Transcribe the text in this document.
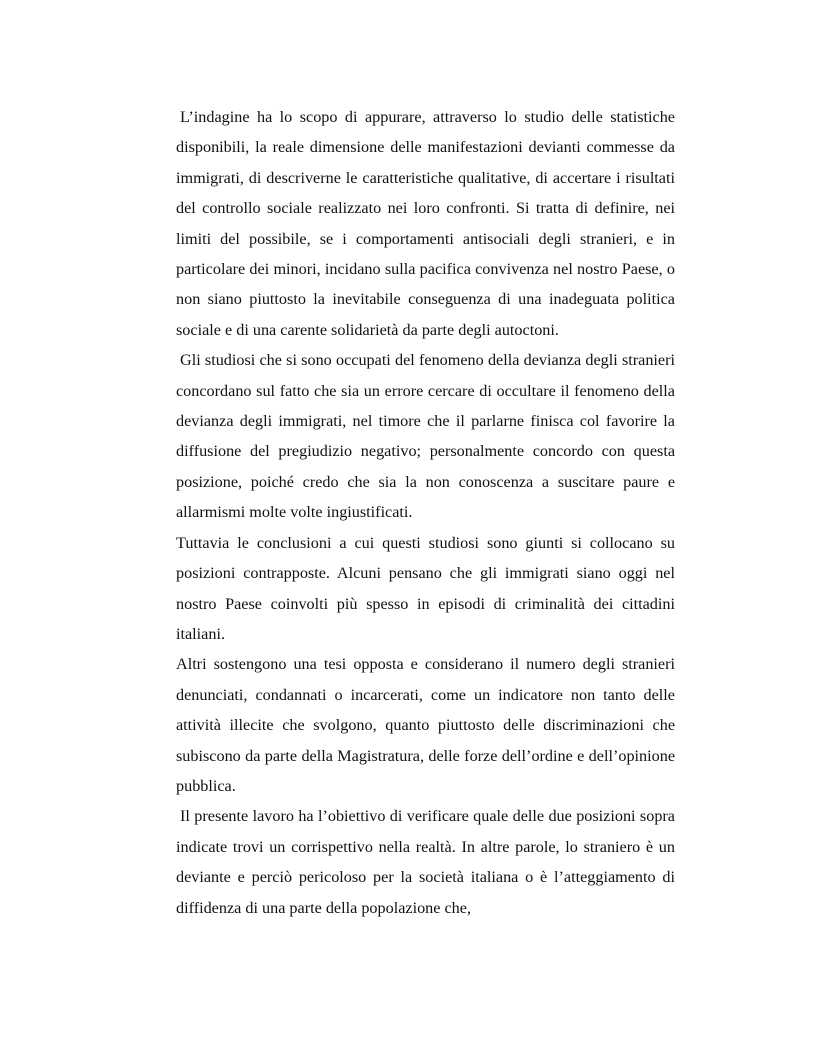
L’indagine ha lo scopo di appurare, attraverso lo studio delle statistiche disponibili, la reale dimensione delle manifestazioni devianti commesse da immigrati, di descriverne le caratteristiche qualitative, di accertare i risultati del controllo sociale realizzato nei loro confronti. Si tratta di definire, nei limiti del possibile, se i comportamenti antisociali degli stranieri, e in particolare dei minori, incidano sulla pacifica convivenza nel nostro Paese, o non siano piuttosto la inevitabile conseguenza di una inadeguata politica sociale e di una carente solidarietà da parte degli autoctoni.

Gli studiosi che si sono occupati del fenomeno della devianza degli stranieri concordano sul fatto che sia un errore cercare di occultare il fenomeno della devianza degli immigrati, nel timore che il parlarne finisca col favorire la diffusione del pregiudizio negativo; personalmente concordo con questa posizione, poiché credo che sia la non conoscenza a suscitare paure e allarmismi molte volte ingiustificati.

Tuttavia le conclusioni a cui questi studiosi sono giunti si collocano su posizioni contrapposte. Alcuni pensano che gli immigrati siano oggi nel nostro Paese coinvolti più spesso in episodi di criminalità dei cittadini italiani.

Altri sostengono una tesi opposta e considerano il numero degli stranieri denunciati, condannati o incarcerati, come un indicatore non tanto delle attività illecite che svolgono, quanto piuttosto delle discriminazioni che subiscono da parte della Magistratura, delle forze dell’ordine e dell’opinione pubblica.

Il presente lavoro ha l’obiettivo di verificare quale delle due posizioni sopra indicate trovi un corrispettivo nella realtà. In altre parole, lo straniero è un deviante e perciò pericoloso per la società italiana o è l’atteggiamento di diffidenza di una parte della popolazione che,
